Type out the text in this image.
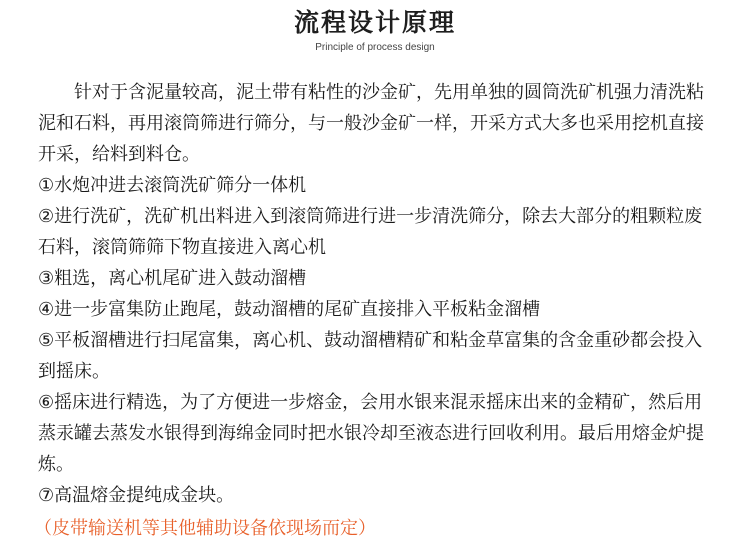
流程设计原理
Principle of process design

针对于含泥量较高，泥土带有粘性的沙金矿，先用单独的圆筒洗矿机强力清洗粘泥和石料，再用滚筒筛进行筛分，与一般沙金矿一样，开采方式大多也采用挖机直接开采，给料到料仓。

①水炮冲进去滚筒洗矿筛分一体机

②进行洗矿，洗矿机出料进入到滚筒筛进行进一步清洗筛分，除去大部分的粗颗粒废石料，滚筒筛筛下物直接进入离心机

③粗选，离心机尾矿进入鼓动溜槽

④进一步富集防止跑尾，鼓动溜槽的尾矿直接排入平板粘金溜槽

⑤平板溜槽进行扫尾富集，离心机、鼓动溜槽精矿和粘金草富集的含金重砂都会投入到摇床。

⑥摇床进行精选，为了方便进一步熔金，会用水银来混汞摇床出来的金精矿，然后用蒸汞罐去蒸发水银得到海绵金同时把水银冷却至液态进行回收利用。最后用熔金炉提炼。

⑦高温熔金提纯成金块。

（皮带输送机等其他辅助设备依现场而定）
